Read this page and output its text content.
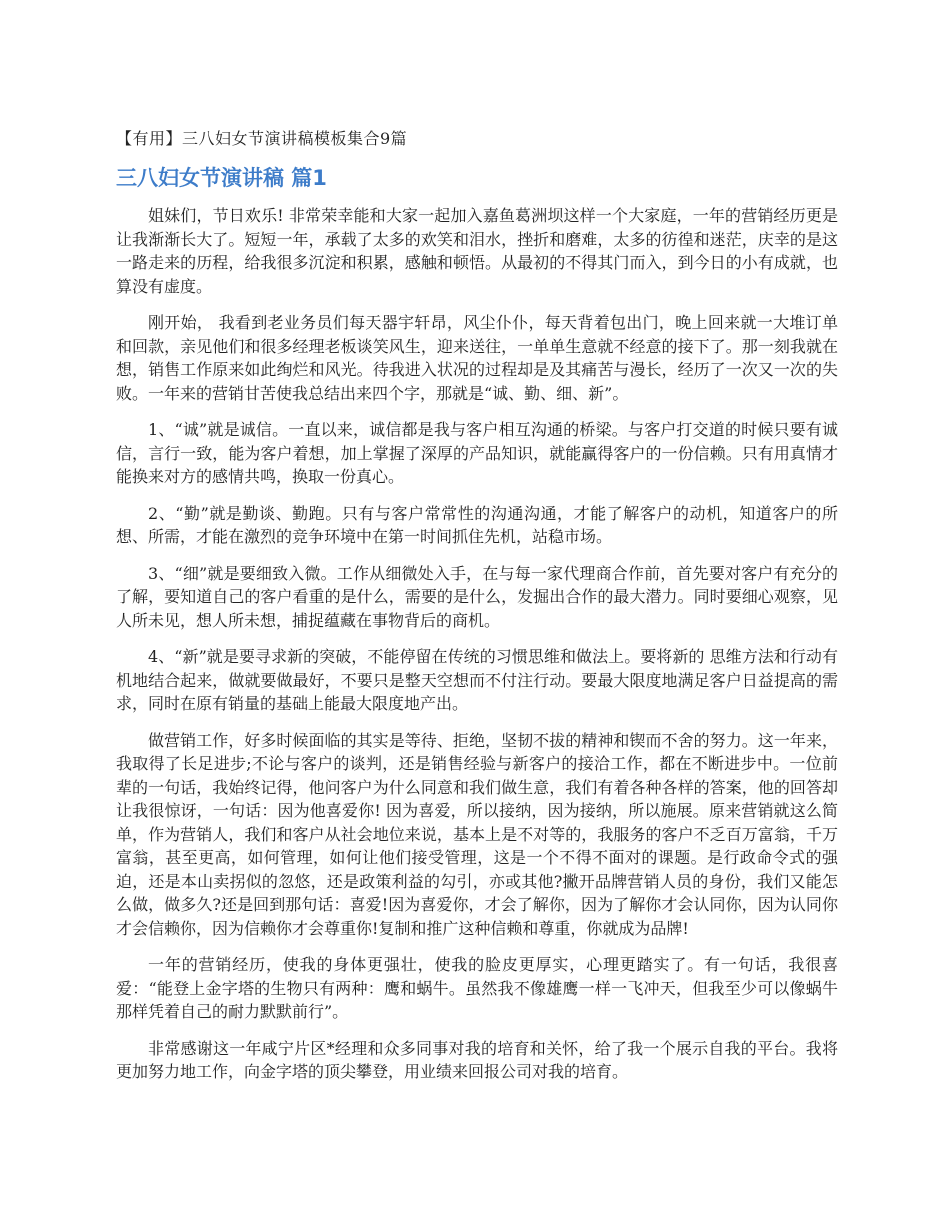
【有用】三八妇女节演讲稿模板集合9篇
三八妇女节演讲稿 篇1

姐妹们，节日欢乐! 非常荣幸能和大家一起加入嘉鱼葛洲坝这样一个大家庭，一年的营销经历更是让我渐渐长大了。短短一年，承载了太多的欢笑和泪水，挫折和磨难，太多的彷徨和迷茫，庆幸的是这一路走来的历程，给我很多沉淀和积累，感触和顿悟。从最初的不得其门而入，到今日的小有成就，也算没有虚度。

刚开始， 我看到老业务员们每天器宇轩昂，风尘仆仆，每天背着包出门，晚上回来就一大堆订单和回款，亲见他们和很多经理老板谈笑风生，迎来送往，一单单生意就不经意的接下了。那一刻我就在想，销售工作原来如此绚烂和风光。待我进入状况的过程却是及其痛苦与漫长，经历了一次又一次的失败。一年来的营销甘苦使我总结出来四个字，那就是“诚、勤、细、新”。

1、“诚”就是诚信。一直以来，诚信都是我与客户相互沟通的桥梁。与客户打交道的时候只要有诚信，言行一致，能为客户着想，加上掌握了深厚的产品知识，就能赢得客户的一份信赖。只有用真情才能换来对方的感情共鸣，换取一份真心。

2、“勤”就是勤谈、勤跑。只有与客户常常性的沟通沟通，才能了解客户的动机，知道客户的所想、所需，才能在激烈的竞争环境中在第一时间抓住先机，站稳市场。

3、“细”就是要细致入微。工作从细微处入手，在与每一家代理商合作前，首先要对客户有充分的了解，要知道自己的客户看重的是什么，需要的是什么，发掘出合作的最大潜力。同时要细心观察，见人所未见，想人所未想，捕捉蕴藏在事物背后的商机。

4、“新”就是要寻求新的突破，不能停留在传统的习惯思维和做法上。要将新的 思维方法和行动有机地结合起来，做就要做最好，不要只是整天空想而不付注行动。要最大限度地满足客户日益提高的需求，同时在原有销量的基础上能最大限度地产出。

做营销工作，好多时候面临的其实是等待、拒绝，坚韧不拔的精神和锲而不舍的努力。这一年来，我取得了长足进步;不论与客户的谈判，还是销售经验与新客户的接洽工作，都在不断进步中。一位前辈的一句话，我始终记得，他问客户为什么同意和我们做生意，我们有着各种各样的答案，他的回答却让我很惊讶，一句话：因为他喜爱你! 因为喜爱，所以接纳，因为接纳，所以施展。原来营销就这么简单，作为营销人，我们和客户从社会地位来说，基本上是不对等的，我服务的客户不乏百万富翁，千万富翁，甚至更高，如何管理，如何让他们接受管理，这是一个不得不面对的课题。是行政命令式的强迫，还是本山卖拐似的忽悠，还是政策利益的勾引，亦或其他?撇开品牌营销人员的身份，我们又能怎么做，做多久?还是回到那句话：喜爱!因为喜爱你，才会了解你，因为了解你才会认同你，因为认同你才会信赖你，因为信赖你才会尊重你!复制和推广这种信赖和尊重，你就成为品牌!

一年的营销经历，使我的身体更强壮，使我的脸皮更厚实，心理更踏实了。有一句话，我很喜爱：“能登上金字塔的生物只有两种：鹰和蜗牛。虽然我不像雄鹰一样一飞冲天，但我至少可以像蜗牛那样凭着自己的耐力默默前行”。

非常感谢这一年咸宁片区*经理和众多同事对我的培育和关怀，给了我一个展示自我的平台。我将更加努力地工作，向金字塔的顶尖攀登，用业绩来回报公司对我的培育。
